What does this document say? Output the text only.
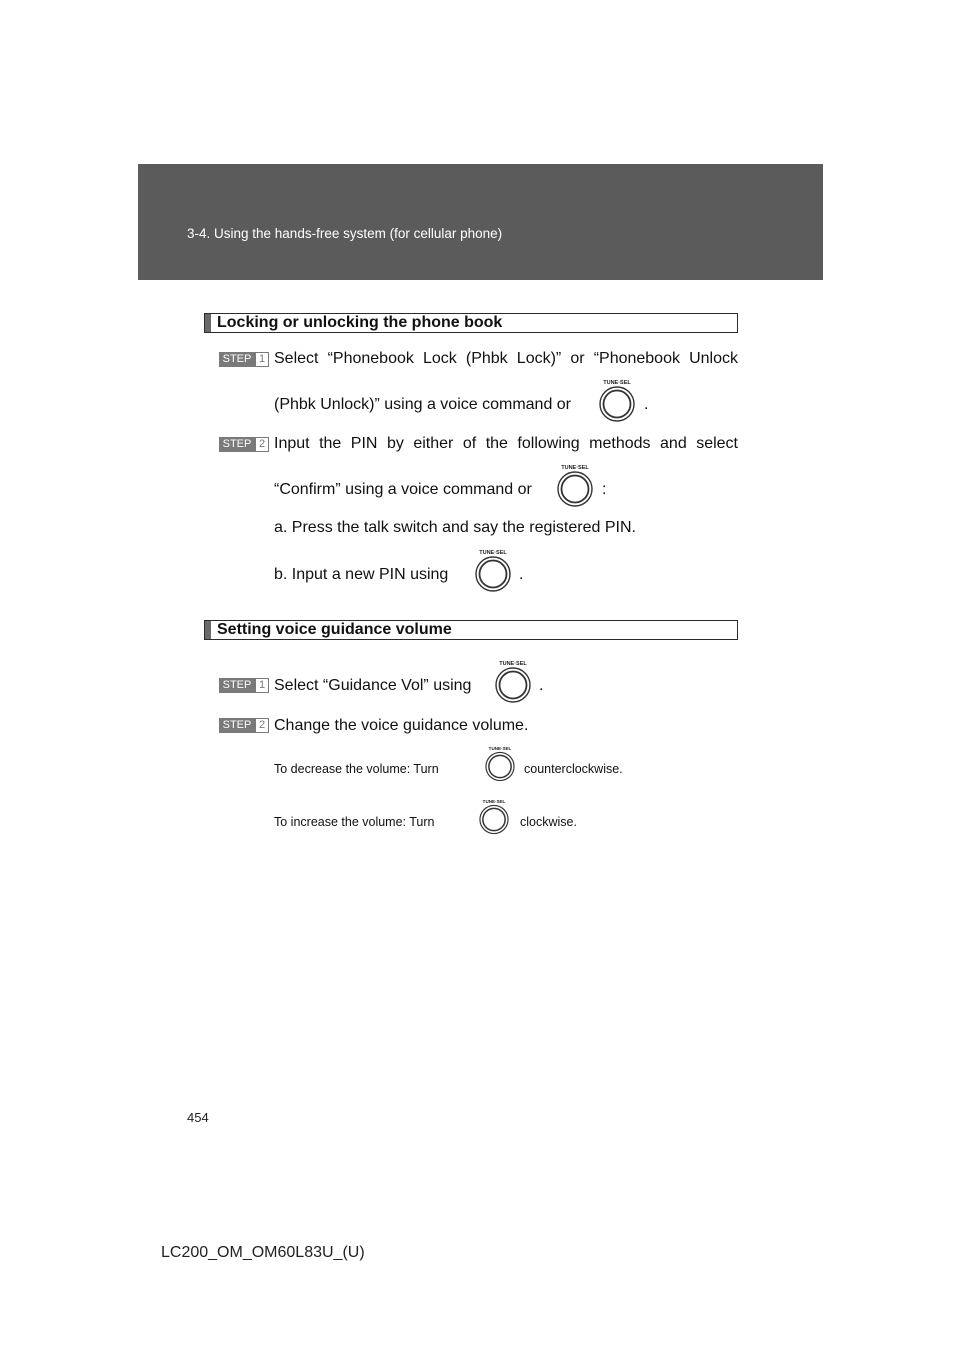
3-4. Using the hands-free system (for cellular phone)
Locking or unlocking the phone book
STEP 1 Select “Phonebook Lock (Phbk Lock)” or “Phonebook Unlock
(Phbk Unlock)” using a voice command or
TUNE·SEL
.
STEP 2 Input the PIN by either of the following methods and select
“Confirm” using a voice command or
TUNE·SEL
:
a. Press the talk switch and say the registered PIN.
b. Input a new PIN using
TUNE·SEL
.
Setting voice guidance volume
STEP 1 Select “Guidance Vol” using
TUNE·SEL
.
STEP 2 Change the voice guidance volume.
To decrease the volume: Turn
TUNE·SEL
counterclockwise.
To increase the volume: Turn
TUNE·SEL
clockwise.
454
LC200_OM_OM60L83U_(U)
